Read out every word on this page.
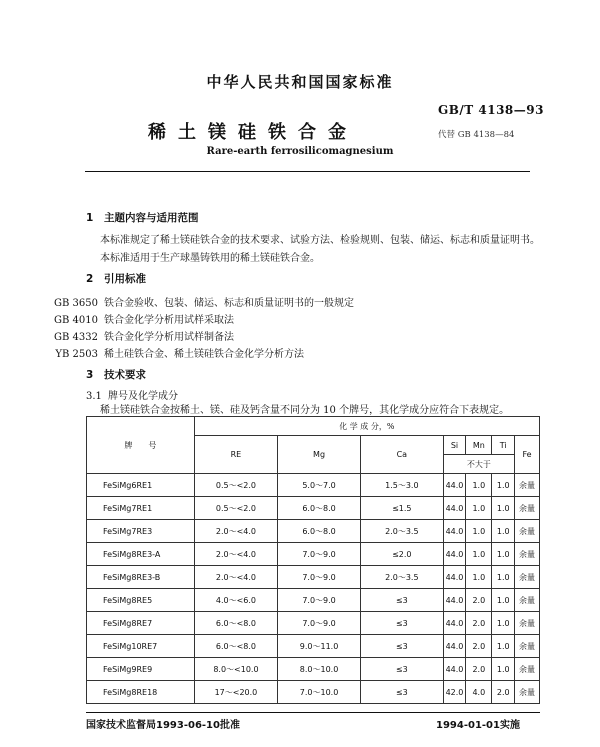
中华人民共和国国家标准
GB/T 4138—93
稀土镁硅铁合金	代替 GB 4138—84
Rare-earth ferrosilicomagnesium
1 主题内容与适用范围
本标准规定了稀土镁硅铁合金的技术要求、试验方法、检验规则、包装、储运、标志和质量证明书。
本标准适用于生产球墨铸铁用的稀土镁硅铁合金。
2 引用标准
GB 3650 铁合金验收、包装、储运、标志和质量证明书的一般规定
GB 4010 铁合金化学分析用试样采取法
GB 4332 铁合金化学分析用试样制备法
YB 2503 稀土硅铁合金、稀土镁硅铁合金化学分析方法
3 技术要求
3.1 牌号及化学成分
稀土镁硅铁合金按稀土、镁、硅及钙含量不同分为 10 个牌号，其化学成分应符合下表规定。
牌　　号	化 学 成 分，%						
	RE	Mg	Ca	Si	Mn	Ti	Fe
				不大于			
FeSiMg6RE1	0.5～<2.0	5.0～7.0	1.5～3.0	44.0	1.0	1.0	余量
FeSiMg7RE1	0.5～<2.0	6.0～8.0	≤1.5	44.0	1.0	1.0	余量
FeSiMg7RE3	2.0～<4.0	6.0～8.0	2.0～3.5	44.0	1.0	1.0	余量
FeSiMg8RE3-A	2.0～<4.0	7.0～9.0	≤2.0	44.0	1.0	1.0	余量
FeSiMg8RE3-B	2.0～<4.0	7.0～9.0	2.0～3.5	44.0	1.0	1.0	余量
FeSiMg8RE5	4.0～<6.0	7.0～9.0	≤3	44.0	2.0	1.0	余量
FeSiMg8RE7	6.0～<8.0	7.0～9.0	≤3	44.0	2.0	1.0	余量
FeSiMg10RE7	6.0～<8.0	9.0～11.0	≤3	44.0	2.0	1.0	余量
FeSiMg9RE9	8.0～<10.0	8.0～10.0	≤3	44.0	2.0	1.0	余量
FeSiMg8RE18	17～<20.0	7.0～10.0	≤3	42.0	4.0	2.0	余量
国家技术监督局1993-06-10批准	1994-01-01实施
